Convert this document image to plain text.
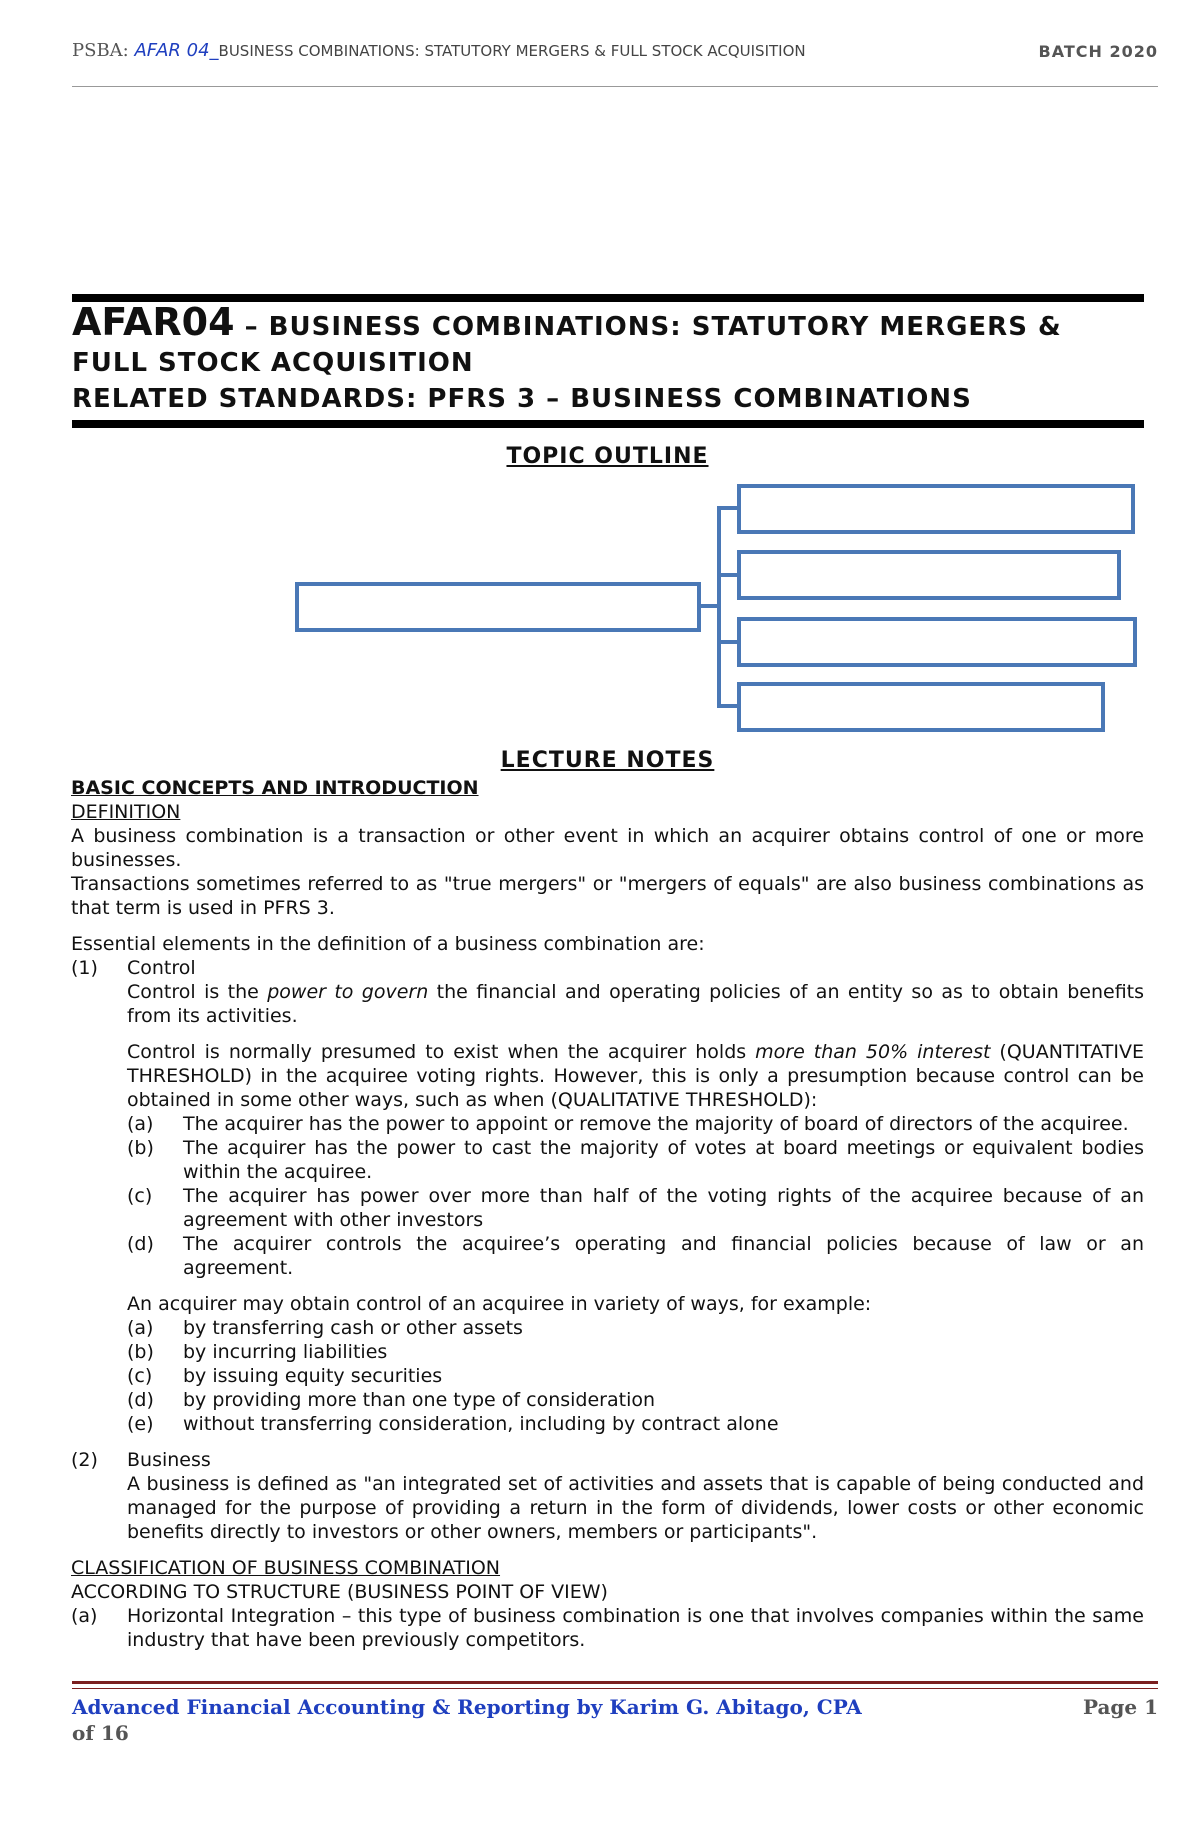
PSBA: AFAR 04_BUSINESS COMBINATIONS: STATUTORY MERGERS & FULL STOCK ACQUISITION	BATCH 2020
AFAR04 – BUSINESS COMBINATIONS: STATUTORY MERGERS &
FULL STOCK ACQUISITION
RELATED STANDARDS: PFRS 3 – BUSINESS COMBINATIONS
TOPIC OUTLINE
LECTURE NOTES

BASIC CONCEPTS AND INTRODUCTION

DEFINITION

A business combination is a transaction or other event in which an acquirer obtains control of one or more businesses.

Transactions sometimes referred to as "true mergers" or "mergers of equals" are also business combinations as that term is used in PFRS 3.

Essential elements in the definition of a business combination are:

(1)	Control

Control is the power to govern the financial and operating policies of an entity so as to obtain benefits from its activities.

Control is normally presumed to exist when the acquirer holds more than 50% interest (QUANTITATIVE THRESHOLD) in the acquiree voting rights. However, this is only a presumption because control can be obtained in some other ways, such as when (QUALITATIVE THRESHOLD):

(a)	The acquirer has the power to appoint or remove the majority of board of directors of the acquiree.
(b)	The acquirer has the power to cast the majority of votes at board meetings or equivalent bodies within the acquiree.
(c)	The acquirer has power over more than half of the voting rights of the acquiree because of an agreement with other investors
(d)	The acquirer controls the acquiree’s operating and financial policies because of law or an agreement.

An acquirer may obtain control of an acquiree in variety of ways, for example:

(a)	by transferring cash or other assets
(b)	by incurring liabilities
(c)	by issuing equity securities
(d)	by providing more than one type of consideration
(e)	without transferring consideration, including by contract alone
(2)	Business

A business is defined as "an integrated set of activities and assets that is capable of being conducted and managed for the purpose of providing a return in the form of dividends, lower costs or other economic benefits directly to investors or other owners, members or participants".

CLASSIFICATION OF BUSINESS COMBINATION

ACCORDING TO STRUCTURE (BUSINESS POINT OF VIEW)

(a)	Horizontal Integration – this type of business combination is one that involves companies within the same industry that have been previously competitors.
Advanced Financial Accounting & Reporting by Karim G. Abitago, CPA	Page 1
of 16
